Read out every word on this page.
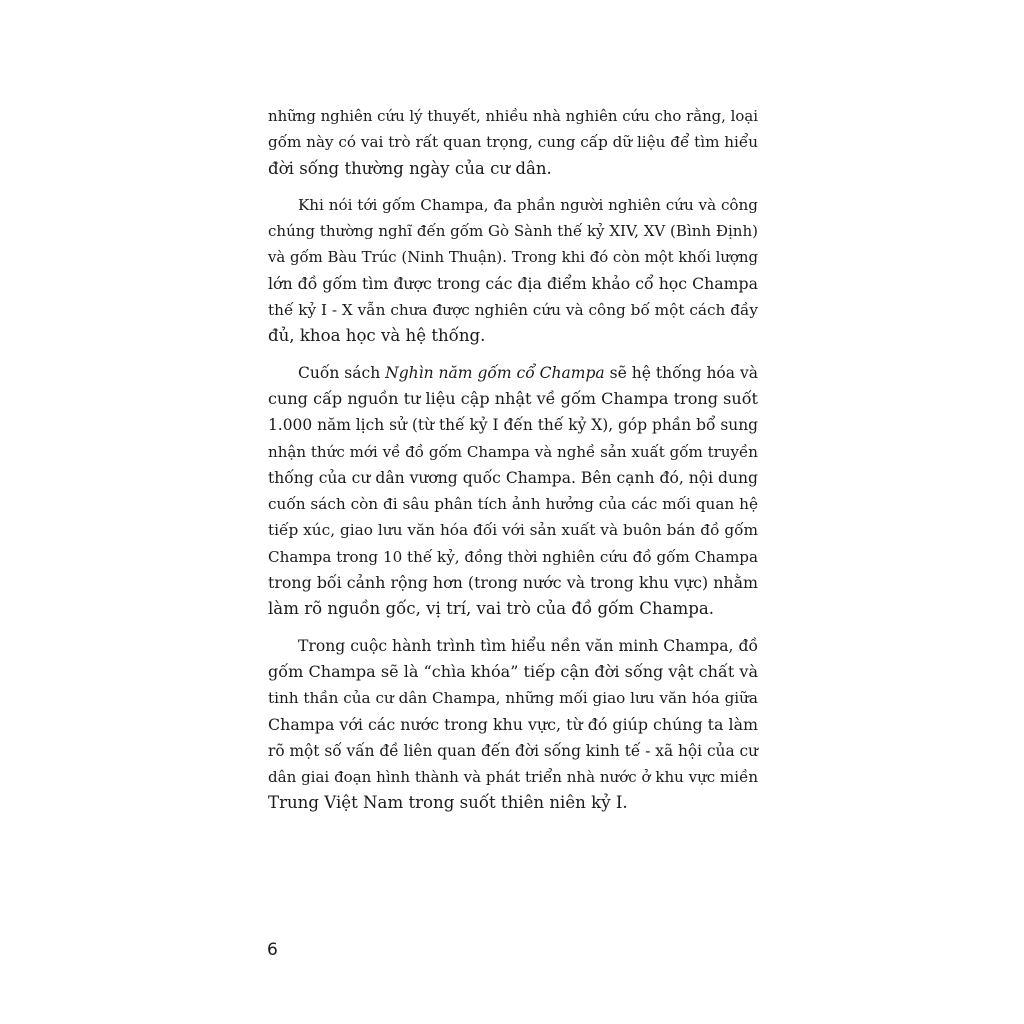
những nghiên cứu lý thuyết, nhiều nhà nghiên cứu cho rằng, loại
gốm này có vai trò rất quan trọng, cung cấp dữ liệu để tìm hiểu
đời sống thường ngày của cư dân.
Khi nói tới gốm Champa, đa phần người nghiên cứu và công
chúng thường nghĩ đến gốm Gò Sành thế kỷ XIV, XV (Bình Định)
và gốm Bàu Trúc (Ninh Thuận). Trong khi đó còn một khối lượng
lớn đồ gốm tìm được trong các địa điểm khảo cổ học Champa
thế kỷ I - X vẫn chưa được nghiên cứu và công bố một cách đầy
đủ, khoa học và hệ thống.
Cuốn sách Nghìn năm gốm cổ Champa sẽ hệ thống hóa và
cung cấp nguồn tư liệu cập nhật về gốm Champa trong suốt
1.000 năm lịch sử (từ thế kỷ I đến thế kỷ X), góp phần bổ sung
nhận thức mới về đồ gốm Champa và nghề sản xuất gốm truyền
thống của cư dân vương quốc Champa. Bên cạnh đó, nội dung
cuốn sách còn đi sâu phân tích ảnh hưởng của các mối quan hệ
tiếp xúc, giao lưu văn hóa đối với sản xuất và buôn bán đồ gốm
Champa trong 10 thế kỷ, đồng thời nghiên cứu đồ gốm Champa
trong bối cảnh rộng hơn (trong nước và trong khu vực) nhằm
làm rõ nguồn gốc, vị trí, vai trò của đồ gốm Champa.
Trong cuộc hành trình tìm hiểu nền văn minh Champa, đồ
gốm Champa sẽ là “chìa khóa” tiếp cận đời sống vật chất và
tinh thần của cư dân Champa, những mối giao lưu văn hóa giữa
Champa với các nước trong khu vực, từ đó giúp chúng ta làm
rõ một số vấn đề liên quan đến đời sống kinh tế - xã hội của cư
dân giai đoạn hình thành và phát triển nhà nước ở khu vực miền
Trung Việt Nam trong suốt thiên niên kỷ I.
6
